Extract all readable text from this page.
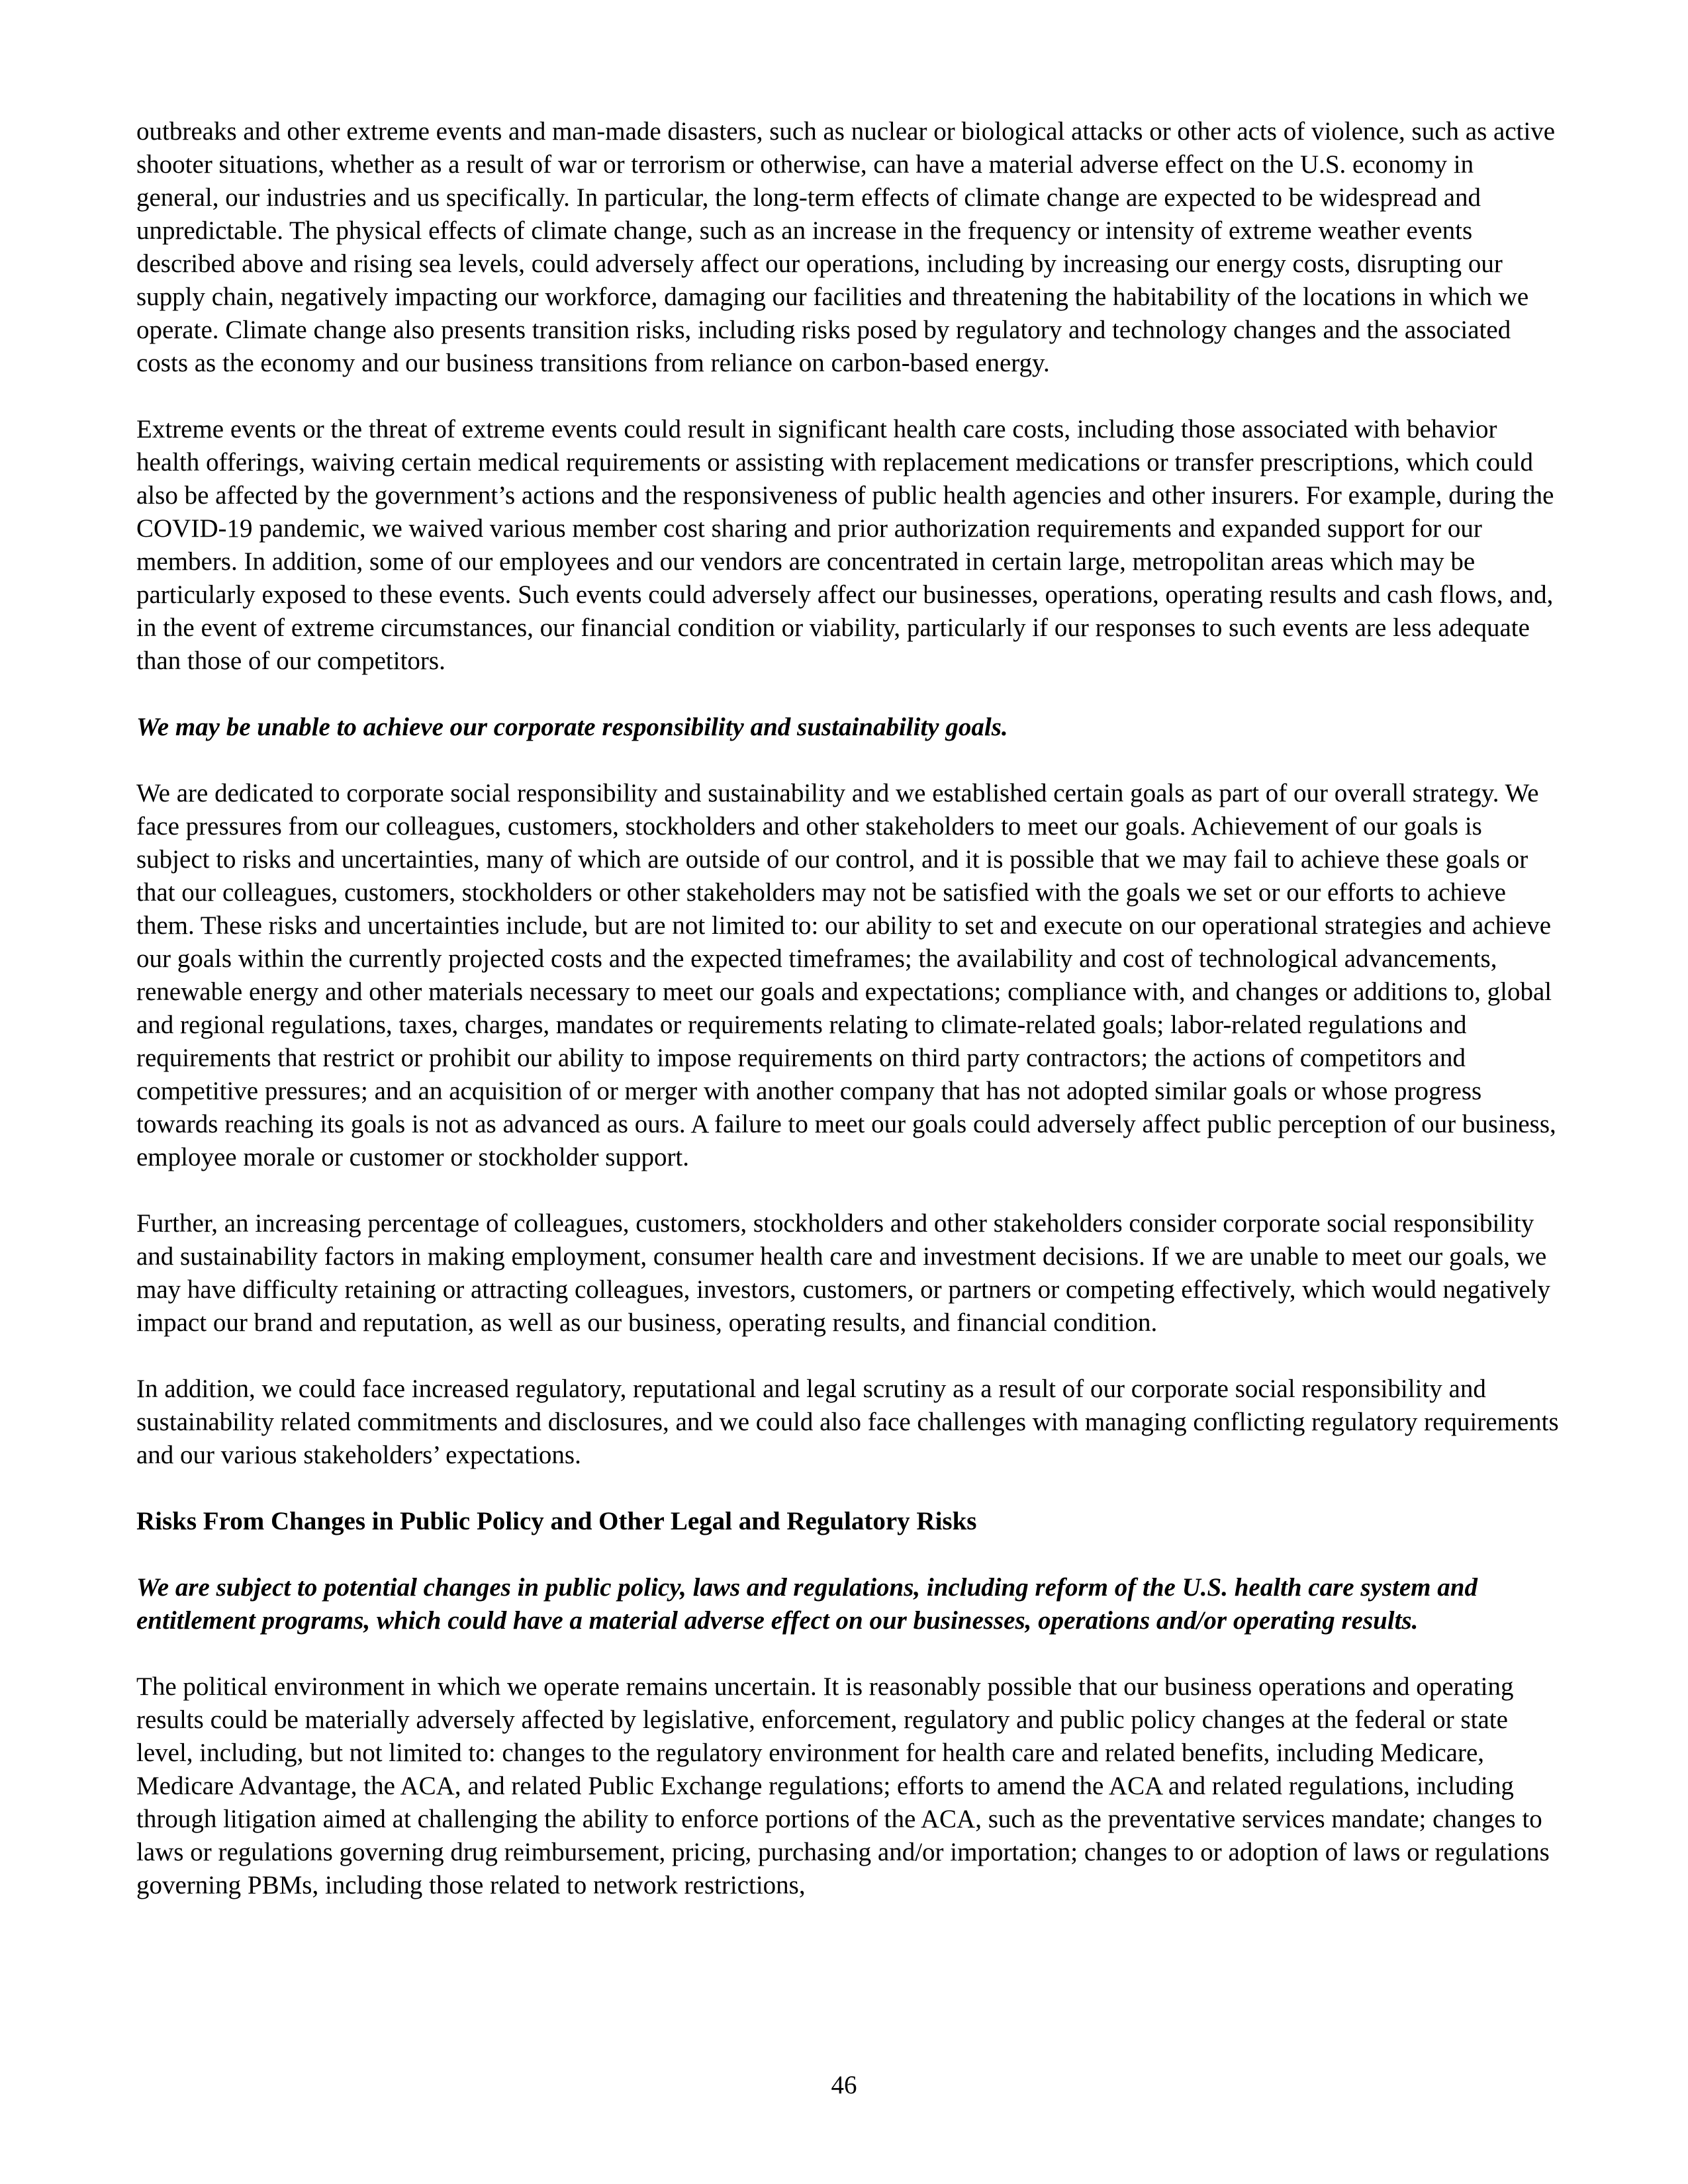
outbreaks and other extreme events and man-made disasters, such as nuclear or biological attacks or other acts of violence, such as active shooter situations, whether as a result of war or terrorism or otherwise, can have a material adverse effect on the U.S. economy in general, our industries and us specifically. In particular, the long-term effects of climate change are expected to be widespread and unpredictable. The physical effects of climate change, such as an increase in the frequency or intensity of extreme weather events described above and rising sea levels, could adversely affect our operations, including by increasing our energy costs, disrupting our supply chain, negatively impacting our workforce, damaging our facilities and threatening the habitability of the locations in which we operate. Climate change also presents transition risks, including risks posed by regulatory and technology changes and the associated costs as the economy and our business transitions from reliance on carbon-based energy.

Extreme events or the threat of extreme events could result in significant health care costs, including those associated with behavior health offerings, waiving certain medical requirements or assisting with replacement medications or transfer prescriptions, which could also be affected by the government’s actions and the responsiveness of public health agencies and other insurers. For example, during the COVID-19 pandemic, we waived various member cost sharing and prior authorization requirements and expanded support for our members. In addition, some of our employees and our vendors are concentrated in certain large, metropolitan areas which may be particularly exposed to these events. Such events could adversely affect our businesses, operations, operating results and cash flows, and, in the event of extreme circumstances, our financial condition or viability, particularly if our responses to such events are less adequate than those of our competitors.

We may be unable to achieve our corporate responsibility and sustainability goals.

We are dedicated to corporate social responsibility and sustainability and we established certain goals as part of our overall strategy. We face pressures from our colleagues, customers, stockholders and other stakeholders to meet our goals. Achievement of our goals is subject to risks and uncertainties, many of which are outside of our control, and it is possible that we may fail to achieve these goals or that our colleagues, customers, stockholders or other stakeholders may not be satisfied with the goals we set or our efforts to achieve them. These risks and uncertainties include, but are not limited to: our ability to set and execute on our operational strategies and achieve our goals within the currently projected costs and the expected timeframes; the availability and cost of technological advancements, renewable energy and other materials necessary to meet our goals and expectations; compliance with, and changes or additions to, global and regional regulations, taxes, charges, mandates or requirements relating to climate-related goals; labor-related regulations and requirements that restrict or prohibit our ability to impose requirements on third party contractors; the actions of competitors and competitive pressures; and an acquisition of or merger with another company that has not adopted similar goals or whose progress towards reaching its goals is not as advanced as ours. A failure to meet our goals could adversely affect public perception of our business, employee morale or customer or stockholder support.

Further, an increasing percentage of colleagues, customers, stockholders and other stakeholders consider corporate social responsibility and sustainability factors in making employment, consumer health care and investment decisions. If we are unable to meet our goals, we may have difficulty retaining or attracting colleagues, investors, customers, or partners or competing effectively, which would negatively impact our brand and reputation, as well as our business, operating results, and financial condition.

In addition, we could face increased regulatory, reputational and legal scrutiny as a result of our corporate social responsibility and sustainability related commitments and disclosures, and we could also face challenges with managing conflicting regulatory requirements and our various stakeholders’ expectations.

Risks From Changes in Public Policy and Other Legal and Regulatory Risks

We are subject to potential changes in public policy, laws and regulations, including reform of the U.S. health care system and entitlement programs, which could have a material adverse effect on our businesses, operations and/or operating results.

The political environment in which we operate remains uncertain. It is reasonably possible that our business operations and operating results could be materially adversely affected by legislative, enforcement, regulatory and public policy changes at the federal or state level, including, but not limited to: changes to the regulatory environment for health care and related benefits, including Medicare, Medicare Advantage, the ACA, and related Public Exchange regulations; efforts to amend the ACA and related regulations, including through litigation aimed at challenging the ability to enforce portions of the ACA, such as the preventative services mandate; changes to laws or regulations governing drug reimbursement, pricing, purchasing and/or importation; changes to or adoption of laws or regulations governing PBMs, including those related to network restrictions,

46
